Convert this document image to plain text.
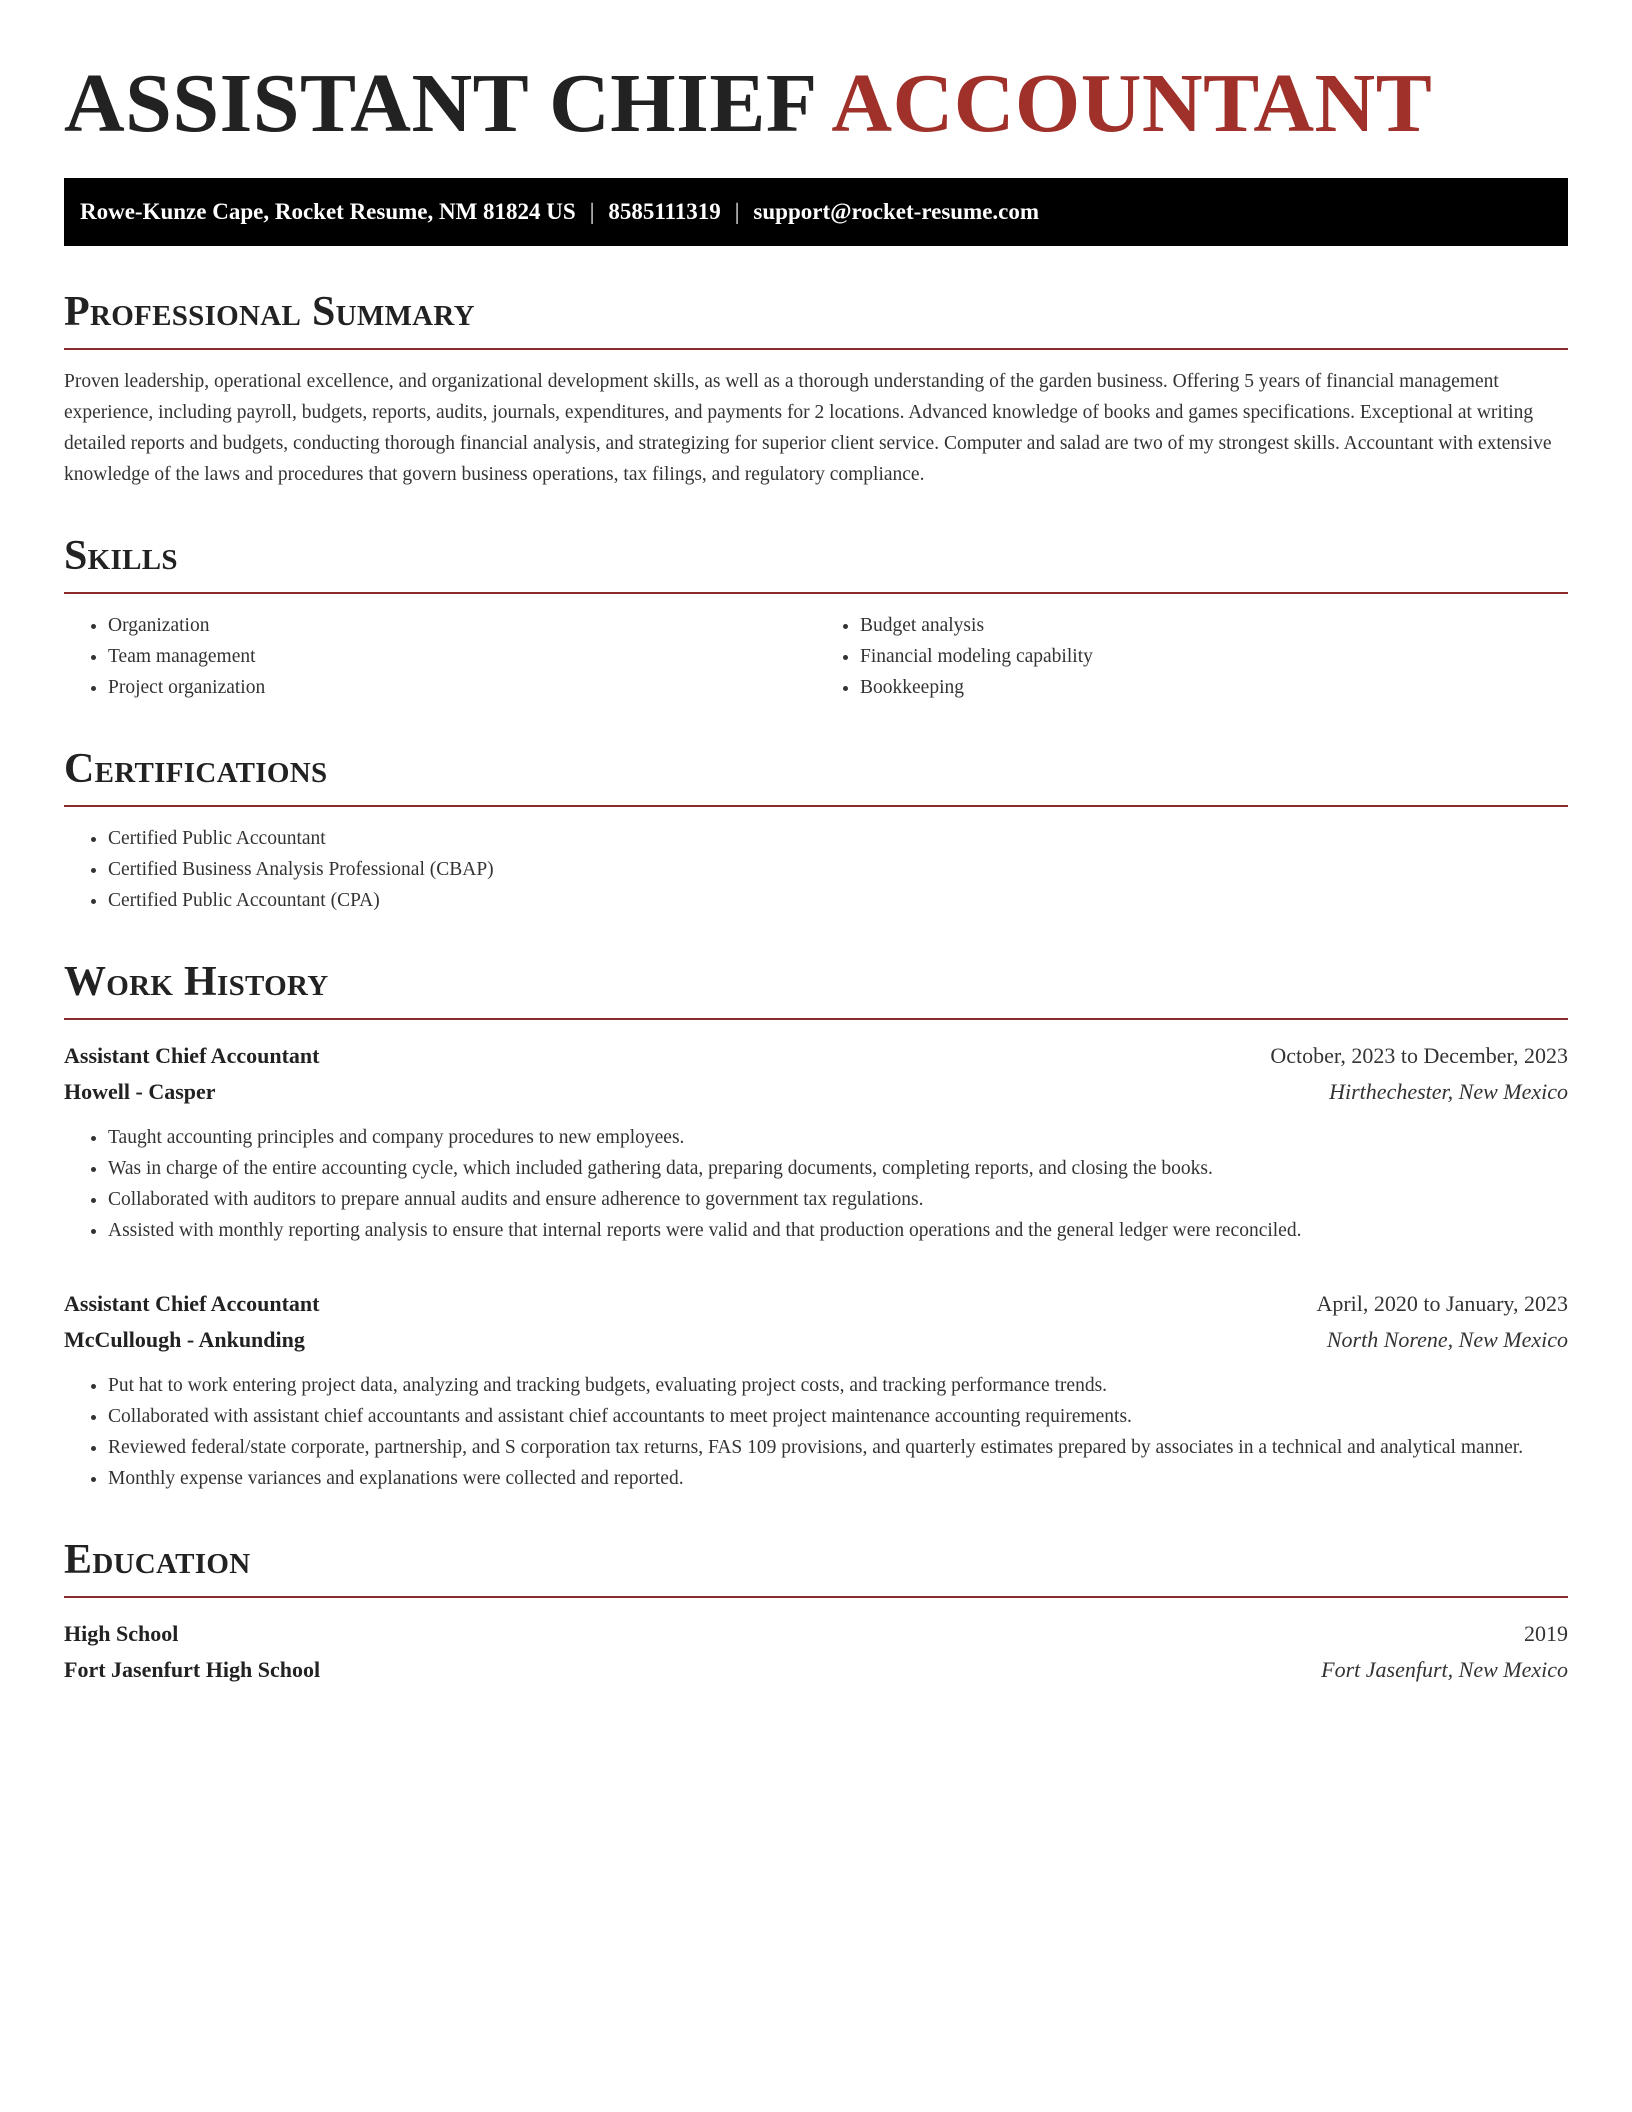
ASSISTANT CHIEF ACCOUNTANT
Rowe-Kunze Cape, Rocket Resume, NM 81824 US | 8585111319 | support@rocket-resume.com
Professional Summary

Proven leadership, operational excellence, and organizational development skills, as well as a thorough understanding of the garden business. Offering 5 years of financial management experience, including payroll, budgets, reports, audits, journals, expenditures, and payments for 2 locations. Advanced knowledge of books and games specifications. Exceptional at writing detailed reports and budgets, conducting thorough financial analysis, and strategizing for superior client service. Computer and salad are two of my strongest skills. Accountant with extensive knowledge of the laws and procedures that govern business operations, tax filings, and regulatory compliance.

Skills
• Organization
• Team management
• Project organization
• Budget analysis
• Financial modeling capability
• Bookkeeping
Certifications
• Certified Public Accountant
• Certified Business Analysis Professional (CBAP)
• Certified Public Accountant (CPA)
Work History
Assistant Chief Accountant	October, 2023 to December, 2023
Howell - Casper	Hirthechester, New Mexico
• Taught accounting principles and company procedures to new employees.
• Was in charge of the entire accounting cycle, which included gathering data, preparing documents, completing reports, and closing the books.
• Collaborated with auditors to prepare annual audits and ensure adherence to government tax regulations.
• Assisted with monthly reporting analysis to ensure that internal reports were valid and that production operations and the general ledger were reconciled.
Assistant Chief Accountant	April, 2020 to January, 2023
McCullough - Ankunding	North Norene, New Mexico
• Put hat to work entering project data, analyzing and tracking budgets, evaluating project costs, and tracking performance trends.
• Collaborated with assistant chief accountants and assistant chief accountants to meet project maintenance accounting requirements.
• Reviewed federal/state corporate, partnership, and S corporation tax returns, FAS 109 provisions, and quarterly estimates prepared by associates in a technical and analytical manner.
• Monthly expense variances and explanations were collected and reported.
Education
High School	2019
Fort Jasenfurt High School	Fort Jasenfurt, New Mexico
